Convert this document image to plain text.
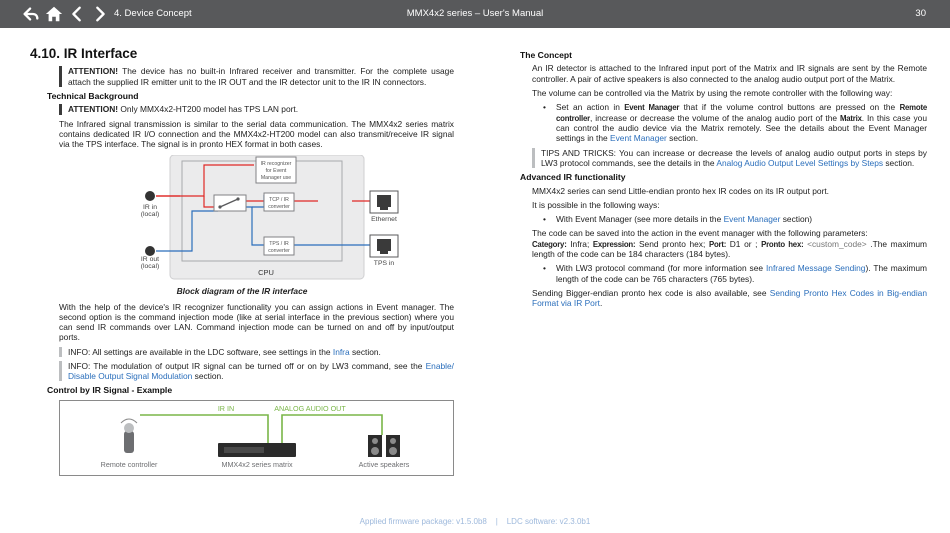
4. Device Concept	MMX4x2 series – User's Manual	30
4.10. IR Interface
ATTENTION! The device has no built-in Infrared receiver and transmitter. For the complete usage attach the supplied IR emitter unit to the IR OUT and the IR detector unit to the IR IN connectors.
Technical Background
ATTENTION! Only MMX4x2-HT200 model has TPS LAN port.

The Infrared signal transmission is similar to the serial data communication. The MMX4x2 series matrix contains dedicated IR I/O connection and the MMX4x2-HT200 model can also transmit/receive IR signal via the TPS interface. The signal is in pronto HEX format in both cases.

IR recognizer
for Event
Manager use
TCP / IR
converter
TPS / IR
converter
IR in
(local)
IR out
(local)
Ethernet
TPS in
CPU
Block diagram of the IR interface

With the help of the device's IR recognizer functionality you can assign actions in Event manager. The second option is the command injection mode (like at serial interface in the previous section) where you can send IR commands over LAN. Command injection mode can be turned on and off by input/output ports.

INFO: All settings are available in the LDC software, see settings in the Infra section.
INFO: The modulation of output IR signal can be turned off or on by LW3 command, see the Enable/ Disable Output Signal Modulation section.
Control by IR Signal - Example
Remote controller
IR IN	ANALOG AUDIO OUT
MMX4x2 series matrix	Active speakers
The Concept

An IR detector is attached to the Infrared input port of the Matrix and IR signals are sent by the Remote controller. A pair of active speakers is also connected to the analog audio output port of the Matrix.

The volume can be controlled via the Matrix by using the remote controller with the following way:

• Set an action in Event Manager that if the volume control buttons are pressed on the Remote controller, increase or decrease the volume of the analog audio port of the Matrix. In this case you can control the audio device via the Matrix remotely. See the details about the Event Manager settings in the Event Manager section.
TIPS AND TRICKS: You can increase or decrease the levels of analog audio output ports in steps by LW3 protocol commands, see the details in the Analog Audio Output Level Settings by Steps section.
Advanced IR functionality

MMX4x2 series can send Little-endian pronto hex IR codes on its IR output port.

It is possible in the following ways:

• With Event Manager (see more details in the Event Manager section)

The code can be saved into the action in the event manager with the following parameters:
Category: Infra; Expression: Send pronto hex; Port: D1 or ; Pronto hex: <custom_code> .The maximum length of the code can be 184 characters (184 bytes).

• With LW3 protocol command (for more information see Infrared Message Sending). The maximum length of the code can be 765 characters (765 bytes).

Sending Bigger-endian pronto hex code is also available, see Sending Pronto Hex Codes in Big-endian Format via IR Port.

Applied firmware package: v1.5.0b8    |    LDC software: v2.3.0b1
